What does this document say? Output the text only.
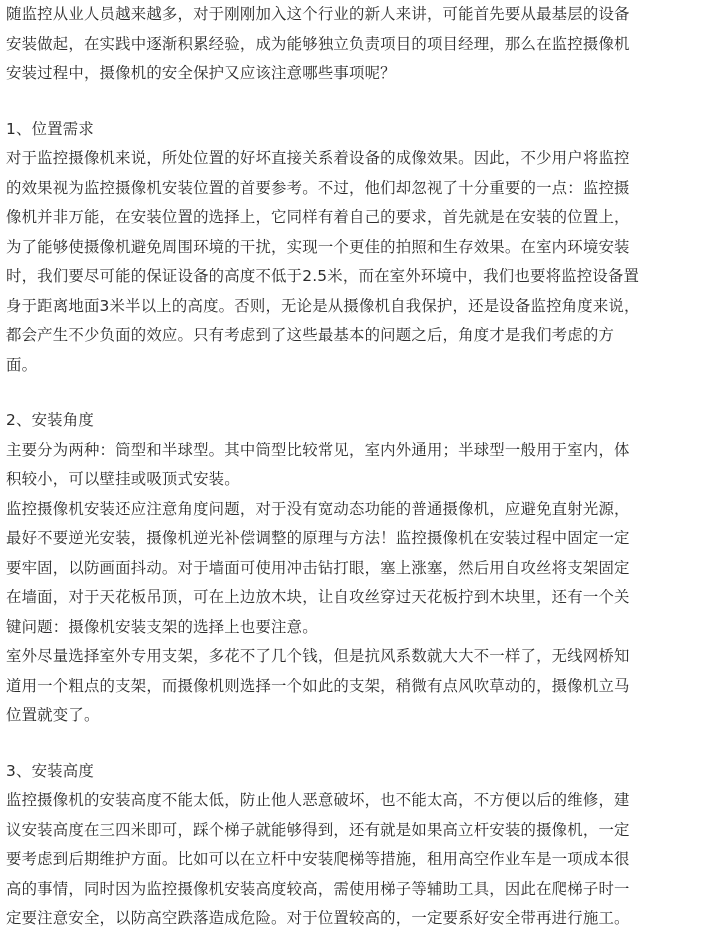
随监控从业人员越来越多，对于刚刚加入这个行业的新人来讲，可能首先要从最基层的设备
安装做起，在实践中逐渐积累经验，成为能够独立负责项目的项目经理，那么在监控摄像机
安装过程中，摄像机的安全保护又应该注意哪些事项呢？
1、位置需求
对于监控摄像机来说，所处位置的好坏直接关系着设备的成像效果。因此，不少用户将监控
的效果视为监控摄像机安装位置的首要参考。不过，他们却忽视了十分重要的一点：监控摄
像机并非万能，在安装位置的选择上，它同样有着自己的要求，首先就是在安装的位置上，
为了能够使摄像机避免周围环境的干扰，实现一个更佳的拍照和生存效果。在室内环境安装
时，我们要尽可能的保证设备的高度不低于2.5米，而在室外环境中，我们也要将监控设备置
身于距离地面3米半以上的高度。否则，无论是从摄像机自我保护，还是设备监控角度来说，
都会产生不少负面的效应。只有考虑到了这些最基本的问题之后，角度才是我们考虑的方
面。
2、安装角度
主要分为两种：筒型和半球型。其中筒型比较常见，室内外通用；半球型一般用于室内，体
积较小，可以壁挂或吸顶式安装。
监控摄像机安装还应注意角度问题，对于没有宽动态功能的普通摄像机，应避免直射光源，
最好不要逆光安装，摄像机逆光补偿调整的原理与方法！监控摄像机在安装过程中固定一定
要牢固，以防画面抖动。对于墙面可使用冲击钻打眼，塞上涨塞，然后用自攻丝将支架固定
在墙面，对于天花板吊顶，可在上边放木块，让自攻丝穿过天花板拧到木块里，还有一个关
键问题：摄像机安装支架的选择上也要注意。
室外尽量选择室外专用支架，多花不了几个钱，但是抗风系数就大大不一样了，无线网桥知
道用一个粗点的支架，而摄像机则选择一个如此的支架，稍微有点风吹草动的，摄像机立马
位置就变了。
3、安装高度
监控摄像机的安装高度不能太低，防止他人恶意破坏，也不能太高，不方便以后的维修，建
议安装高度在三四米即可，踩个梯子就能够得到，还有就是如果高立杆安装的摄像机，一定
要考虑到后期维护方面。比如可以在立杆中安装爬梯等措施，租用高空作业车是一项成本很
高的事情，同时因为监控摄像机安装高度较高，需使用梯子等辅助工具，因此在爬梯子时一
定要注意安全，以防高空跌落造成危险。对于位置较高的，一定要系好安全带再进行施工。
